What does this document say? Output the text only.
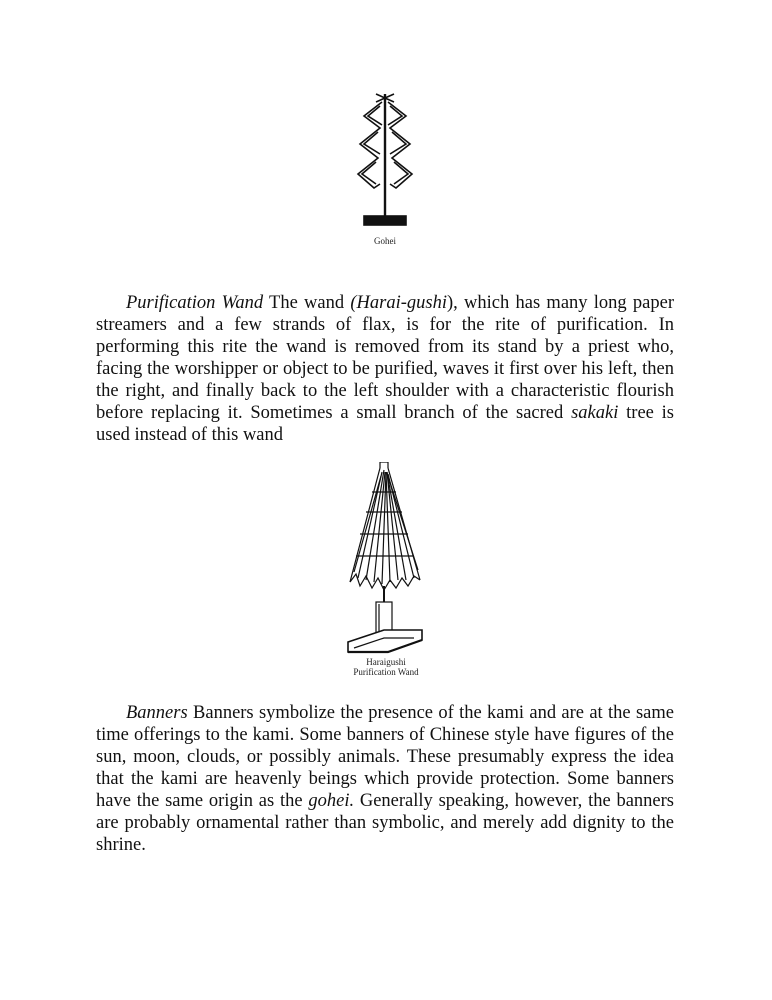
Gohei

Purification Wand The wand (Harai-gushi), which has many long paper streamers and a few strands of flax, is for the rite of purification. In performing this rite the wand is removed from its stand by a priest who, facing the worshipper or object to be purified, waves it first over his left, then the right, and finally back to the left shoulder with a characteristic flourish before replacing it. Sometimes a small branch of the sacred sakaki tree is used instead of this wand

Haraigushi
Purification Wand

Banners Banners symbolize the presence of the kami and are at the same time offerings to the kami. Some banners of Chinese style have figures of the sun, moon, clouds, or possibly animals. These presumably express the idea that the kami are heavenly beings which provide protection. Some banners have the same origin as the gohei. Generally speaking, however, the banners are probably ornamental rather than symbolic, and merely add dignity to the shrine.
